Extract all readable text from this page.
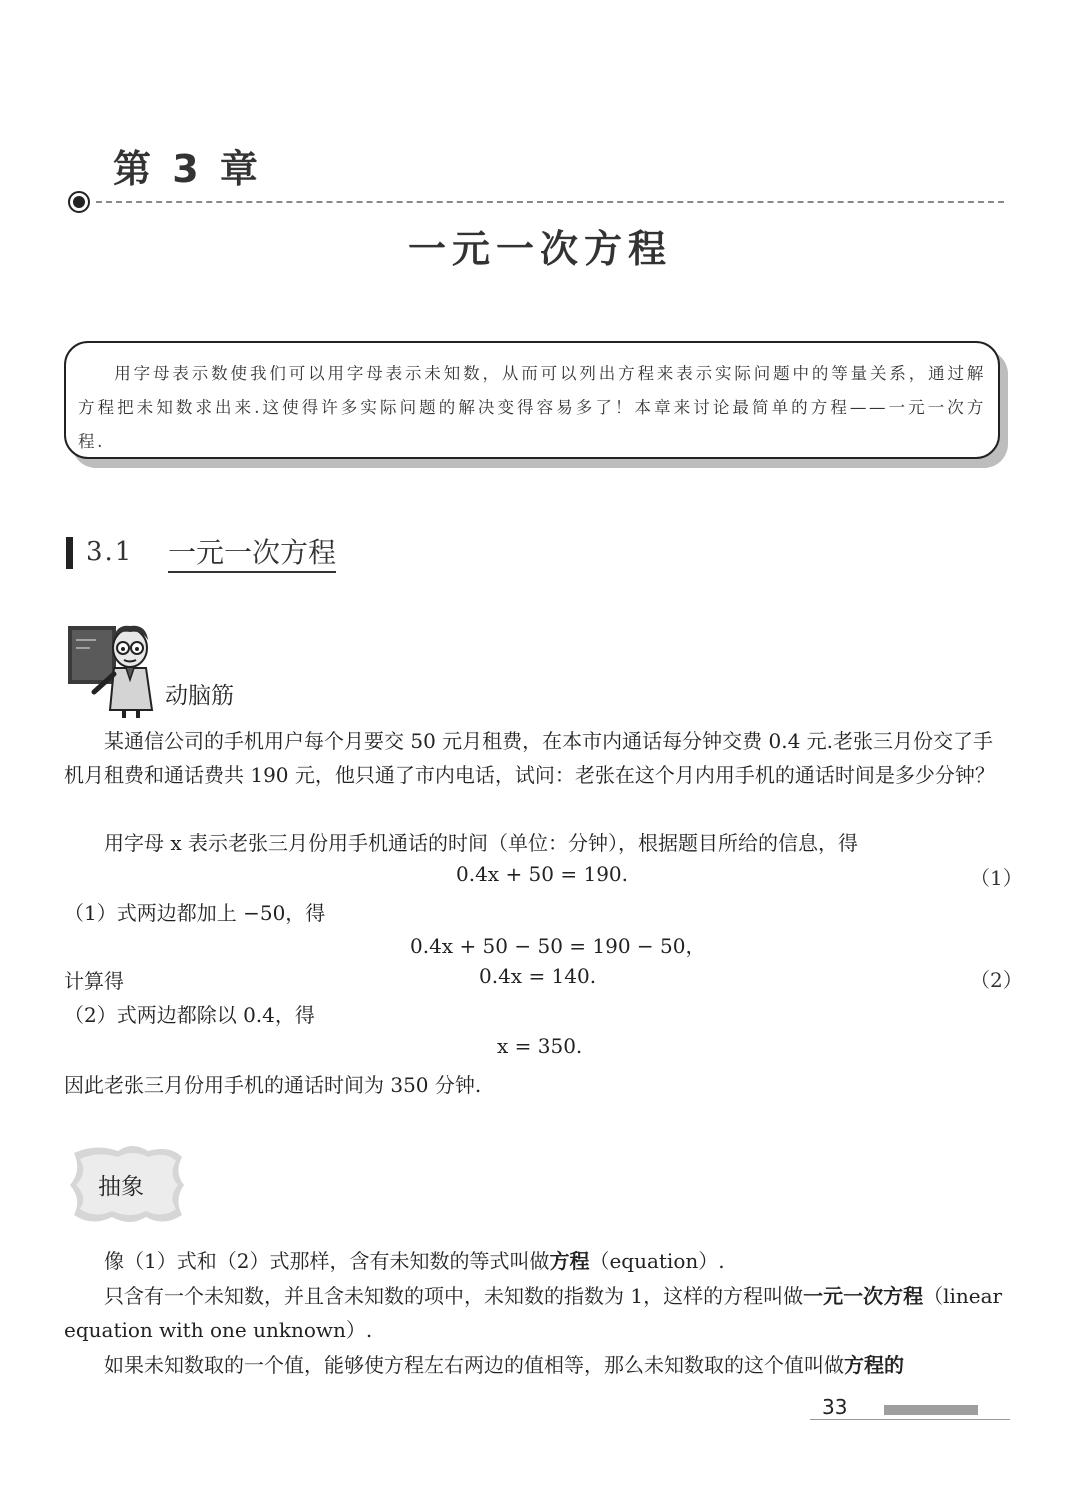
第 3 章
一元一次方程

用字母表示数使我们可以用字母表示未知数，从而可以列出方程来表示实际问题中的等量关系，通过解方程把未知数求出来.这使得许多实际问题的解决变得容易多了！本章来讨论最简单的方程——一元一次方程.

3.1 一元一次方程
动脑筋
某通信公司的手机用户每个月要交 50 元月租费，在本市内通话每分钟交费 0.4 元.老张三月份交了手机月租费和通话费共 190 元，他只通了市内电话，试问：老张在这个月内用手机的通话时间是多少分钟？
用字母 x 表示老张三月份用手机通话的时间（单位：分钟），根据题目所给的信息，得
0.4x + 50 = 190.	（1）
（1）式两边都加上 −50，得
0.4x + 50 − 50 = 190 − 50，
计算得	0.4x = 140.	（2）
（2）式两边都除以 0.4，得
x = 350.
因此老张三月份用手机的通话时间为 350 分钟.
抽象
像（1）式和（2）式那样，含有未知数的等式叫做方程（equation）.
只含有一个未知数，并且含未知数的项中，未知数的指数为 1，这样的方程叫做一元一次方程（linear equation with one unknown）.
如果未知数取的一个值，能够使方程左右两边的值相等，那么未知数取的这个值叫做方程的
33
